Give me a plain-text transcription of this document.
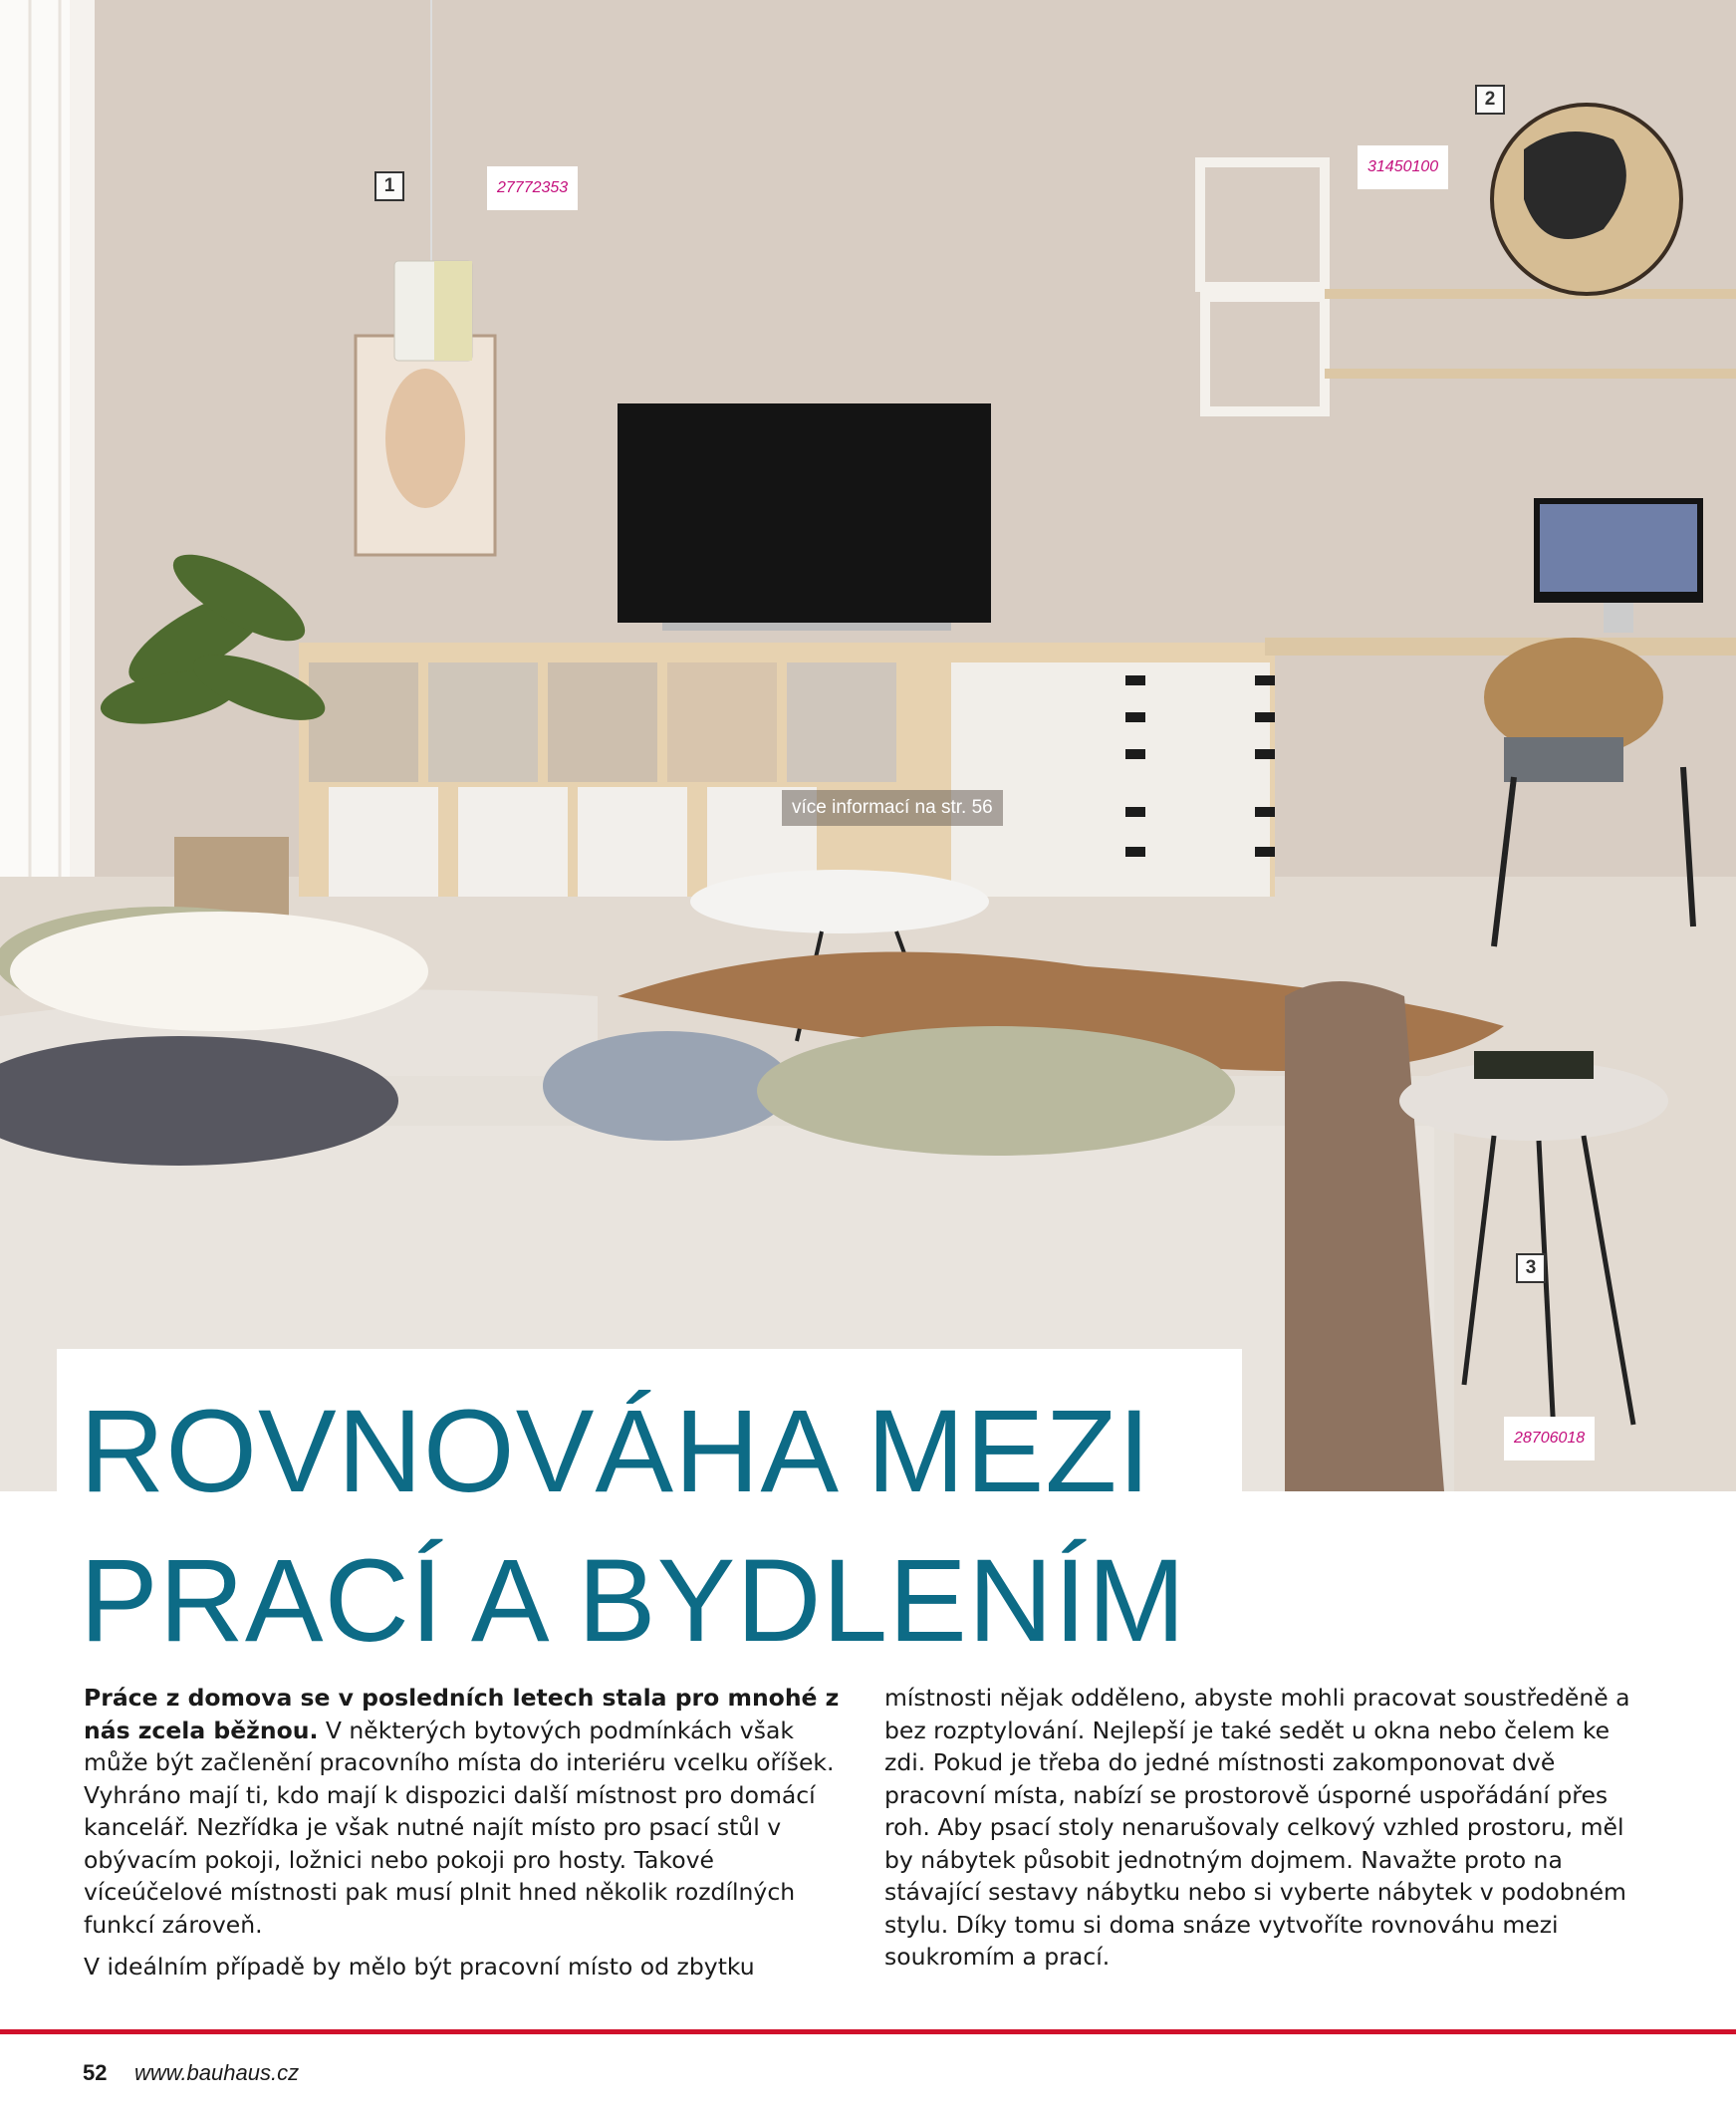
1	27772353
2
31450100
3
28706018
více informací na str. 56
ROVNOVÁHA MEZI
PRACÍ A BYDLENÍM

Práce z domova se v posledních letech stala pro mnohé z nás zcela běžnou. V některých bytových podmínkách však může být začlenění pracovního místa do interiéru vcelku oříšek. Vyhráno mají ti, kdo mají k dispozici další místnost pro domácí kancelář. Nezřídka je však nutné najít místo pro psací stůl v obývacím pokoji, ložnici nebo pokoji pro hosty. Takové víceúčelové místnosti pak musí plnit hned několik rozdílných funkcí zároveň.

V ideálním případě by mělo být pracovní místo od zbytku

místnosti nějak odděleno, abyste mohli pracovat soustředěně a bez rozptylování. Nejlepší je také sedět u okna nebo čelem ke zdi. Pokud je třeba do jedné místnosti zakomponovat dvě pracovní místa, nabízí se prostorově úsporné uspořádání přes roh. Aby psací stoly nenarušovaly celkový vzhled prostoru, měl by nábytek působit jednotným dojmem. Navažte proto na stávající sestavy nábytku nebo si vyberte nábytek v podobném stylu. Díky tomu si doma snáze vytvoříte rovnováhu mezi soukromím a prací.

52 www.bauhaus.cz
